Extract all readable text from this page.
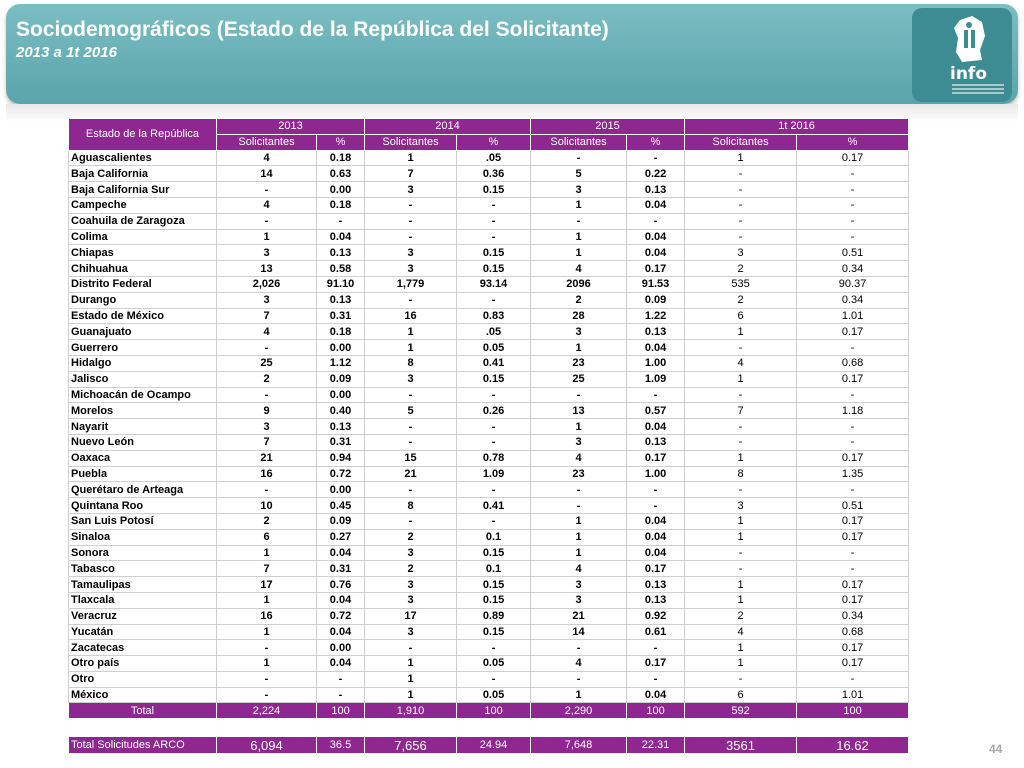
Sociodemográficos (Estado de la República del Solicitante)
2013 a 1t 2016
info
Estado de la República	2013		2014		2015		1t 2016	
	Solicitantes	%	Solicitantes	%	Solicitantes	%	Solicitantes	%
Aguascalientes	4	0.18	1	.05	-	-	1	0.17
Baja California	14	0.63	7	0.36	5	0.22	-	-
Baja California Sur	-	0.00	3	0.15	3	0.13	-	-
Campeche	4	0.18	-	-	1	0.04	-	-
Coahuila de Zaragoza	-	-	-	-	-	-	-	-
Colima	1	0.04	-	-	1	0.04	-	-
Chiapas	3	0.13	3	0.15	1	0.04	3	0.51
Chihuahua	13	0.58	3	0.15	4	0.17	2	0.34
Distrito Federal	2,026	91.10	1,779	93.14	2096	91.53	535	90.37
Durango	3	0.13	-	-	2	0.09	2	0.34
Estado de México	7	0.31	16	0.83	28	1.22	6	1.01
Guanajuato	4	0.18	1	.05	3	0.13	1	0.17
Guerrero	-	0.00	1	0.05	1	0.04	-	-
Hidalgo	25	1.12	8	0.41	23	1.00	4	0.68
Jalisco	2	0.09	3	0.15	25	1.09	1	0.17
Michoacán de Ocampo	-	0.00	-	-	-	-	-	-
Morelos	9	0.40	5	0.26	13	0.57	7	1.18
Nayarit	3	0.13	-	-	1	0.04	-	-
Nuevo León	7	0.31	-	-	3	0.13	-	-
Oaxaca	21	0.94	15	0.78	4	0.17	1	0.17
Puebla	16	0.72	21	1.09	23	1.00	8	1.35
Querétaro de Arteaga	-	0.00	-	-	-	-	-	-
Quintana Roo	10	0.45	8	0.41	-	-	3	0.51
San Luis Potosí	2	0.09	-	-	1	0.04	1	0.17
Sinaloa	6	0.27	2	0.1	1	0.04	1	0.17
Sonora	1	0.04	3	0.15	1	0.04	-	-
Tabasco	7	0.31	2	0.1	4	0.17	-	-
Tamaulipas	17	0.76	3	0.15	3	0.13	1	0.17
Tlaxcala	1	0.04	3	0.15	3	0.13	1	0.17
Veracruz	16	0.72	17	0.89	21	0.92	2	0.34
Yucatán	1	0.04	3	0.15	14	0.61	4	0.68
Zacatecas	-	0.00	-	-	-	-	1	0.17
Otro país	1	0.04	1	0.05	4	0.17	1	0.17
Otro	-	-	1	-	-	-	-	-
México	-	-	1	0.05	1	0.04	6	1.01
Total	2,224	100	1,910	100	2,290	100	592	100
Total Solicitudes ARCO	6,094	36.5	7,656	24.94	7,648	22.31	3561	16.62	44
